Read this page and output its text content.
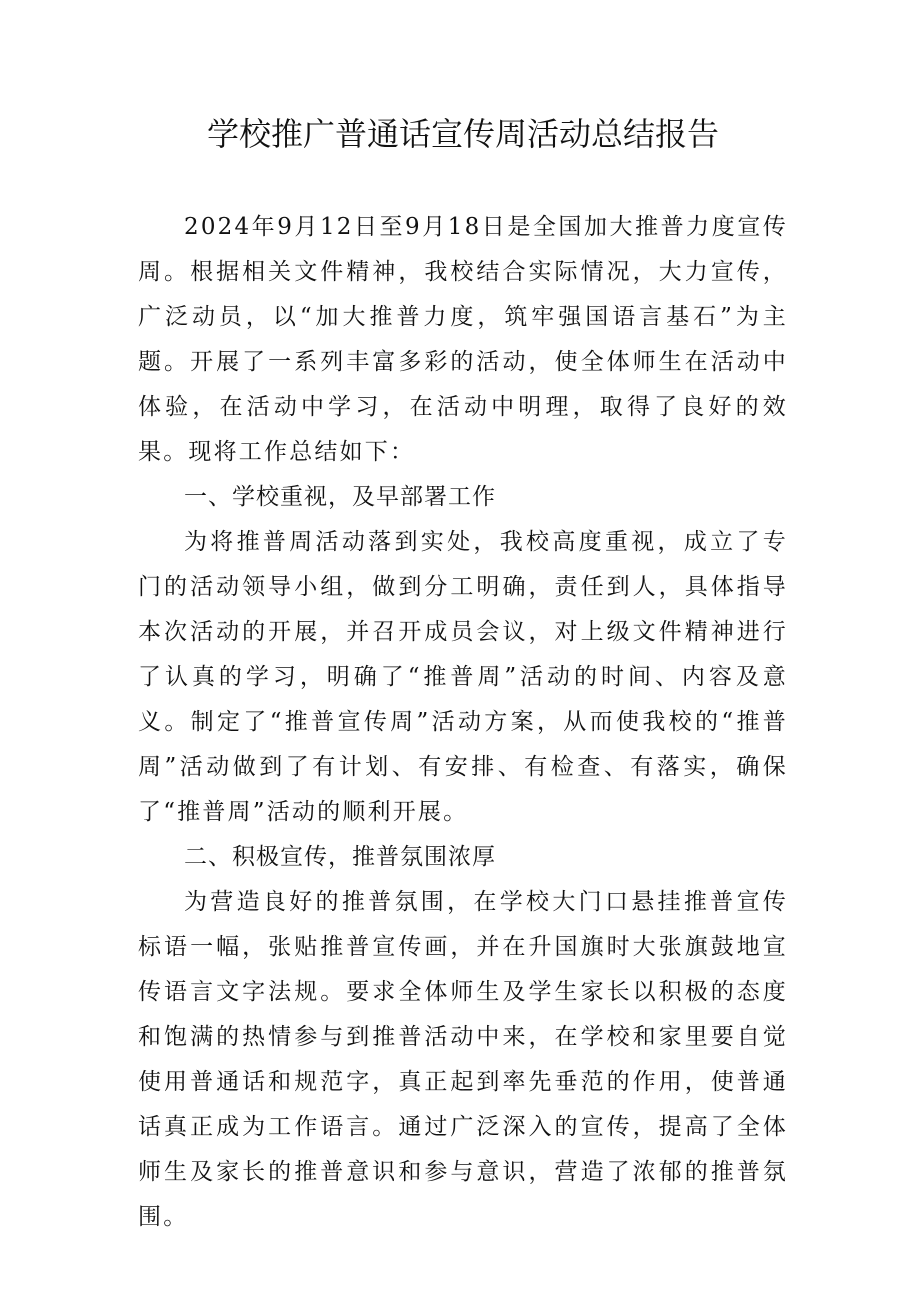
学校推广普通话宣传周活动总结报告

2024年9月12日至9月18日是全国加大推普力度宣传周。根据相关文件精神，我校结合实际情况，大力宣传，广泛动员，以“加大推普力度，筑牢强国语言基石”为主题。开展了一系列丰富多彩的活动，使全体师生在活动中体验，在活动中学习，在活动中明理，取得了良好的效果。现将工作总结如下：

一、学校重视，及早部署工作

为将推普周活动落到实处，我校高度重视，成立了专门的活动领导小组，做到分工明确，责任到人，具体指导本次活动的开展，并召开成员会议，对上级文件精神进行了认真的学习，明确了“推普周”活动的时间、内容及意义。制定了“推普宣传周”活动方案，从而使我校的“推普周”活动做到了有计划、有安排、有检查、有落实，确保了“推普周”活动的顺利开展。

二、积极宣传，推普氛围浓厚

为营造良好的推普氛围，在学校大门口悬挂推普宣传标语一幅，张贴推普宣传画，并在升国旗时大张旗鼓地宣传语言文字法规。要求全体师生及学生家长以积极的态度和饱满的热情参与到推普活动中来，在学校和家里要自觉使用普通话和规范字，真正起到率先垂范的作用，使普通话真正成为工作语言。通过广泛深入的宣传，提高了全体师生及家长的推普意识和参与意识，营造了浓郁的推普氛围。
